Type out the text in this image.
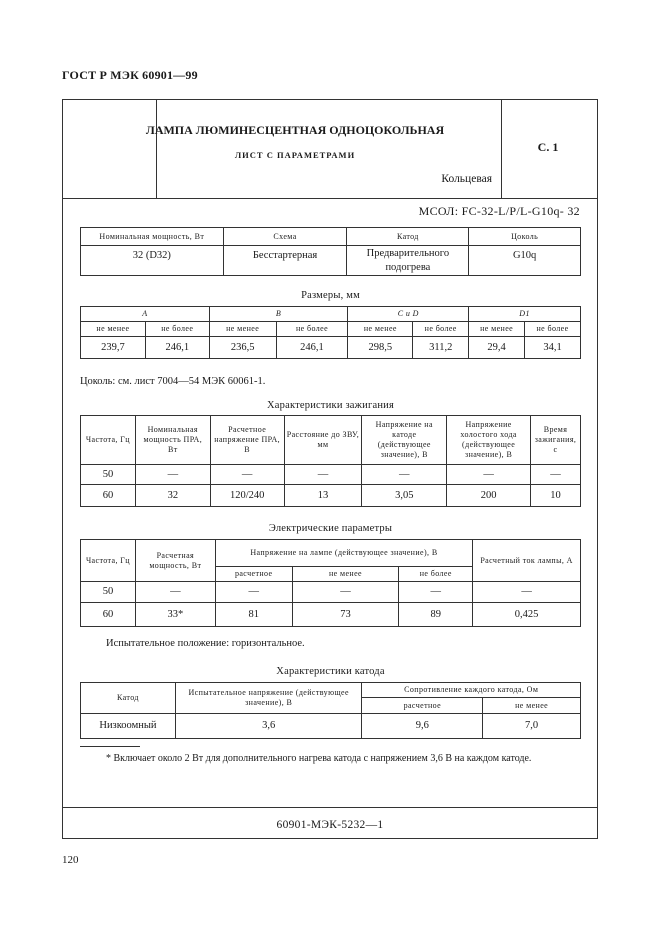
ГОСТ Р МЭК 60901—99
ЛАМПА ЛЮМИНЕСЦЕНТНАЯ ОДНОЦОКОЛЬНАЯ
ЛИСТ С ПАРАМЕТРАМИ
Кольцевая
С. 1
МСОЛ: FC-32-L/P/L-G10q- 32
Номинальная мощность, Вт	Схема	Катод	Цоколь
32 (D32)	Бесстартерная	Предварительного подогрева	G10q
Размеры, мм
A		B		C и D		D1	
не менее	не более	не менее	не более	не менее	не более	не менее	не более
239,7	246,1	236,5	246,1	298,5	311,2	29,4	34,1
Цоколь: см. лист 7004—54 МЭК 60061-1.
Характеристики зажигания
Частота, Гц	Номинальная мощность ПРА, Вт	Расчетное напряжение ПРА, В	Расстояние до ЗВУ, мм	Напряжение на катоде (действующее значение), В	Напряжение холостого хода (действующее значение), В	Время зажигания, с
50	—	—	—	—	—	—
60	32	120/240	13	3,05	200	10
Электрические параметры
Частота, Гц	Расчетная мощность, Вт	Напряжение на лампе (действующее значение), В			Расчетный ток лампы, А
		расчетное	не менее	не более	
50	—	—	—	—	—
60	33*	81	73	89	0,425
Испытательное положение: горизонтальное.
Характеристики катода
Катод	Испытательное напряжение (действующее значение), В	Сопротивление каждого катода, Ом	
		расчетное	не менее
Низкоомный	3,6	9,6	7,0
* Включает около 2 Вт для дополнительного нагрева катода с напряжением 3,6 В на каждом катоде.
60901-МЭК-5232—1
120
